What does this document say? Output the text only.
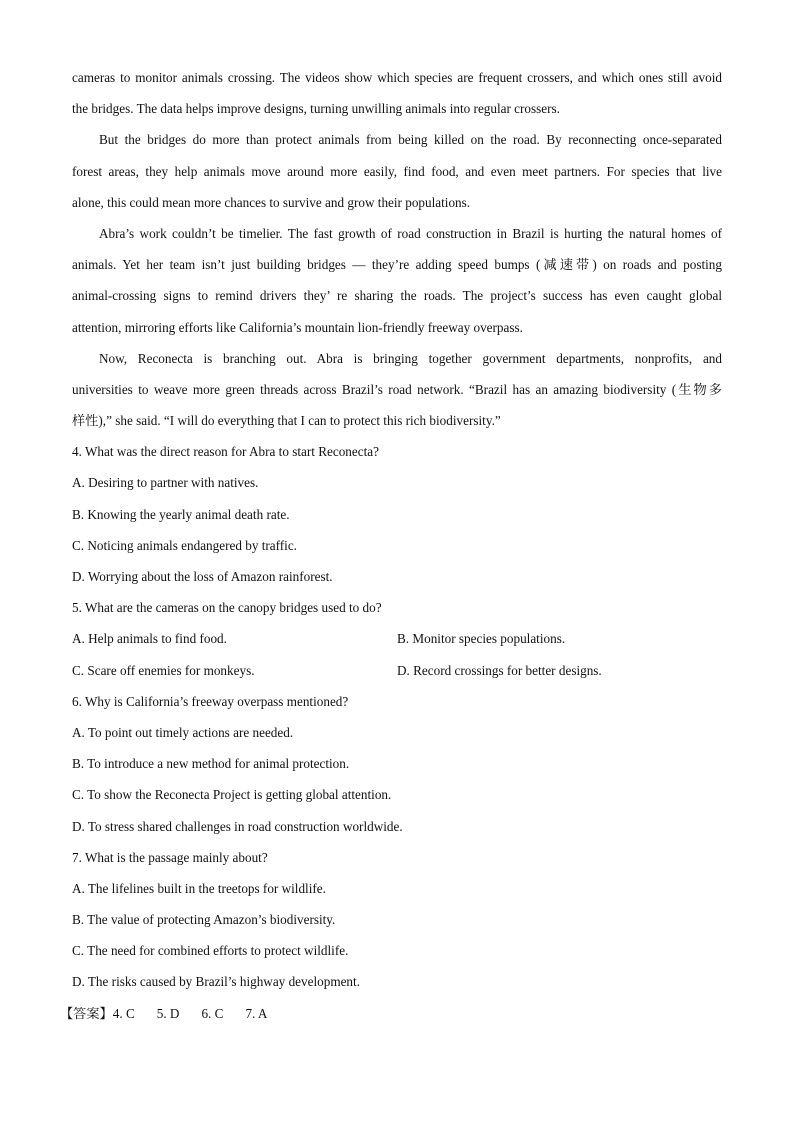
cameras to monitor animals crossing. The videos show which species are frequent crossers, and which ones still avoid
the bridges. The data helps improve designs, turning unwilling animals into regular crossers.
But the bridges do more than protect animals from being killed on the road. By reconnecting once-separated
forest areas, they help animals move around more easily, find food, and even meet partners. For species that live
alone, this could mean more chances to survive and grow their populations.
Abra’s work couldn’t be timelier. The fast growth of road construction in Brazil is hurting the natural homes of
animals. Yet her team isn’t just building bridges — they’re adding speed bumps (减速带) on roads and posting
animal-crossing signs to remind drivers they’ re sharing the roads. The project’s success has even caught global
attention, mirroring efforts like California’s mountain lion-friendly freeway overpass.
Now, Reconecta is branching out. Abra is bringing together government departments, nonprofits, and
universities to weave more green threads across Brazil’s road network. “Brazil has an amazing biodiversity (生物多
样性),” she said. “I will do everything that I can to protect this rich biodiversity.”
4. What was the direct reason for Abra to start Reconecta?
A. Desiring to partner with natives.
B. Knowing the yearly animal death rate.
C. Noticing animals endangered by traffic.
D. Worrying about the loss of Amazon rainforest.
5. What are the cameras on the canopy bridges used to do?
A. Help animals to find food.	B. Monitor species populations.
C. Scare off enemies for monkeys.	D. Record crossings for better designs.
6. Why is California’s freeway overpass mentioned?
A. To point out timely actions are needed.
B. To introduce a new method for animal protection.
C. To show the Reconecta Project is getting global attention.
D. To stress shared challenges in road construction worldwide.
7. What is the passage mainly about?
A. The lifelines built in the treetops for wildlife.
B. The value of protecting Amazon’s biodiversity.
C. The need for combined efforts to protect wildlife.
D. The risks caused by Brazil’s highway development.
【答案】4. C 5. D 6. C 7. A
